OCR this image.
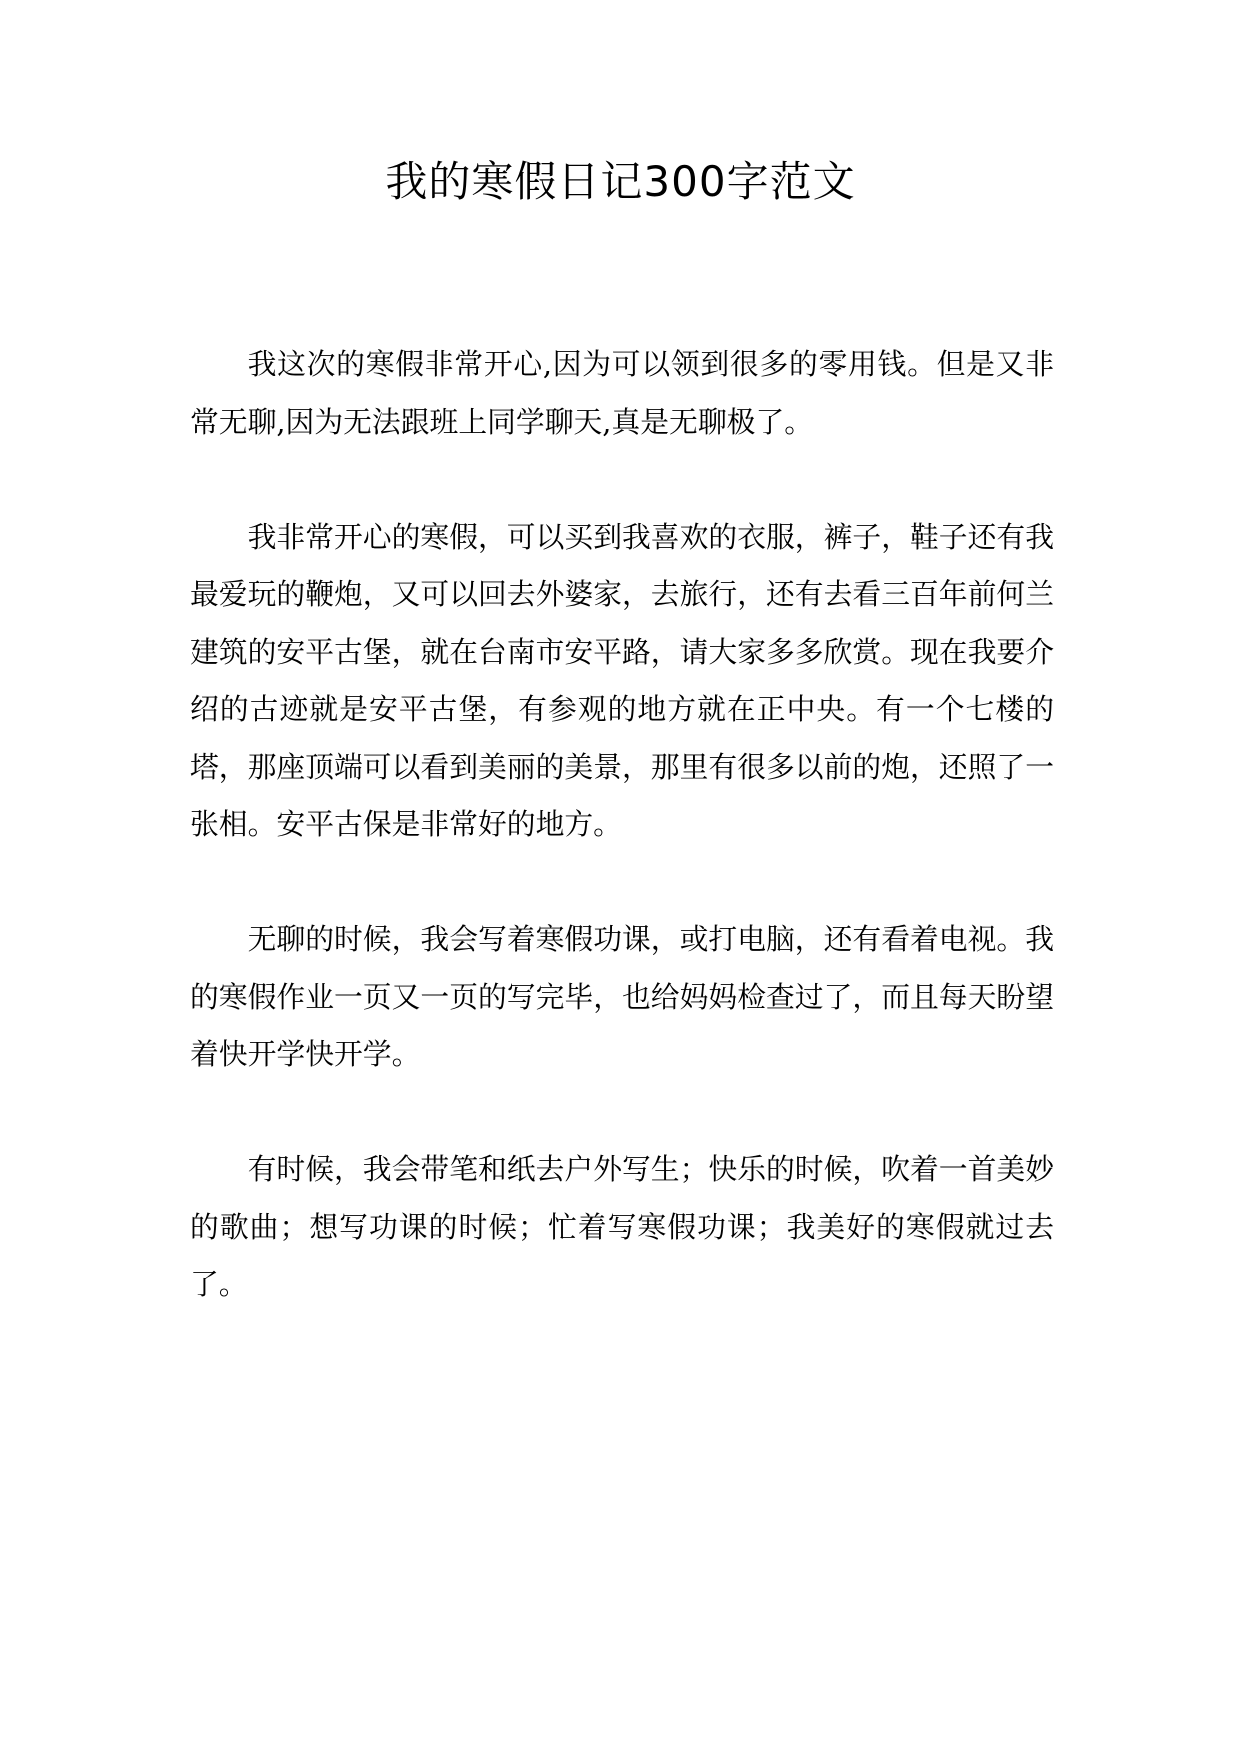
我的寒假日记300字范文

我这次的寒假非常开心,因为可以领到很多的零用钱。但是又非常无聊,因为无法跟班上同学聊天,真是无聊极了。

我非常开心的寒假，可以买到我喜欢的衣服，裤子，鞋子还有我最爱玩的鞭炮，又可以回去外婆家，去旅行，还有去看三百年前何兰建筑的安平古堡，就在台南市安平路，请大家多多欣赏。现在我要介绍的古迹就是安平古堡，有参观的地方就在正中央。有一个七楼的塔，那座顶端可以看到美丽的美景，那里有很多以前的炮，还照了一张相。安平古保是非常好的地方。

无聊的时候，我会写着寒假功课，或打电脑，还有看着电视。我的寒假作业一页又一页的写完毕，也给妈妈检查过了，而且每天盼望着快开学快开学。

有时候，我会带笔和纸去户外写生；快乐的时候，吹着一首美妙的歌曲；想写功课的时候；忙着写寒假功课；我美好的寒假就过去了。
